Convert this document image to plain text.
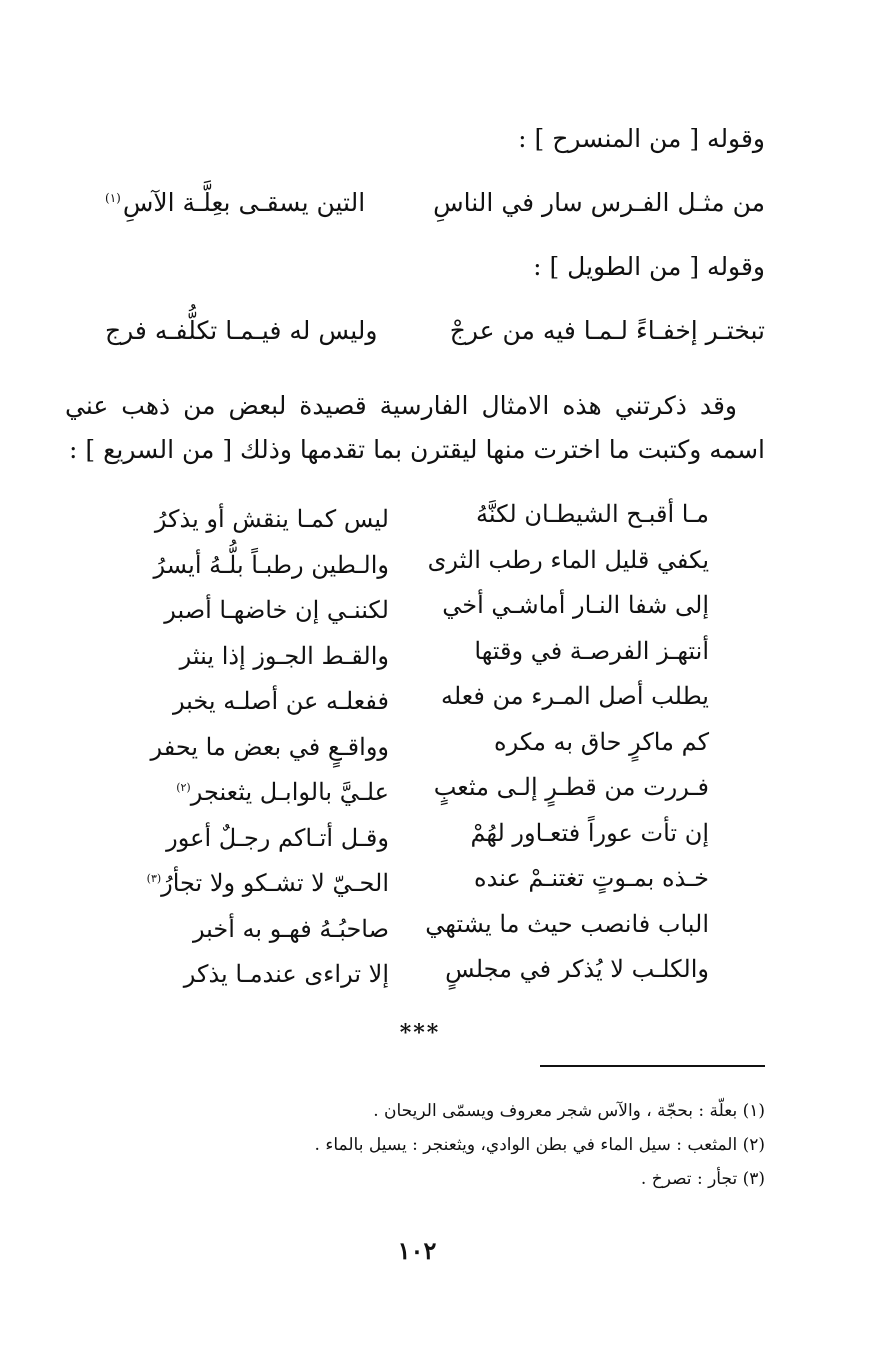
وقوله [ من المنسرح ] :
من مثـل الفـرس سار في الناسِ
التين يسقـى بعِلَّـة الآسِ$^{(١)}$
وقوله [ من الطويل ] :
تبختـر إخفـاءً لـمـا فيه من عرجْ
وليس له فيـمـا تكلُّفـه فرج
وقد ذكرتني هذه الامثال الفارسية قصيدة لبعض من ذهب عني اسمه وكتبت ما اخترت منها ليقترن بما تقدمها وذلك [ من السريع ] :
مـا أقبـح الشيطـان لكنَّهُ
ليس كمـا ينقش أو يذكرُ
يكفي قليل الماء رطب الثرى
والـطين رطبـاً بلُّـهُ أيسرُ
إلى شفا النـار أماشـي أخي
لكننـي إن خاضهـا أصبر
أنتهـز الفرصـة في وقتها
والقـط الجـوز إذا ينثر
يطلب أصل المـرء من فعله
ففعلـه عن أصلـه يخبر
كم ماكرٍ حاق به مكره
وواقـعٍ في بعض ما يحفر
فـررت من قطـرٍ إلـى مثعبٍ
علـيَّ بالوابـل يثعنجر$^{(٢)}$
إن تأت عوراً فتعـاور لهُمْ
وقـل أتـاكم رجـلٌ أعور
خـذه بمـوتٍ تغتنـمْ عنده
الحـيّ لا تشـكو ولا تجأرُ$^{(٣)}$
الباب فانصب حيث ما يشتهي
صاحبُـهُ فهـو به أخبر
والكلـب لا يُذكر في مجلسٍ
إلا تراءى عندمـا يذكر
***
(١) بعلّة : بحجّة ، والآس شجر معروف ويسمّى الريحان .
(٢) المثعب : سيل الماء في بطن الوادي، ويثعنجر : يسيل بالماء .
(٣) تجأر : تصرخ .
١٠٢
